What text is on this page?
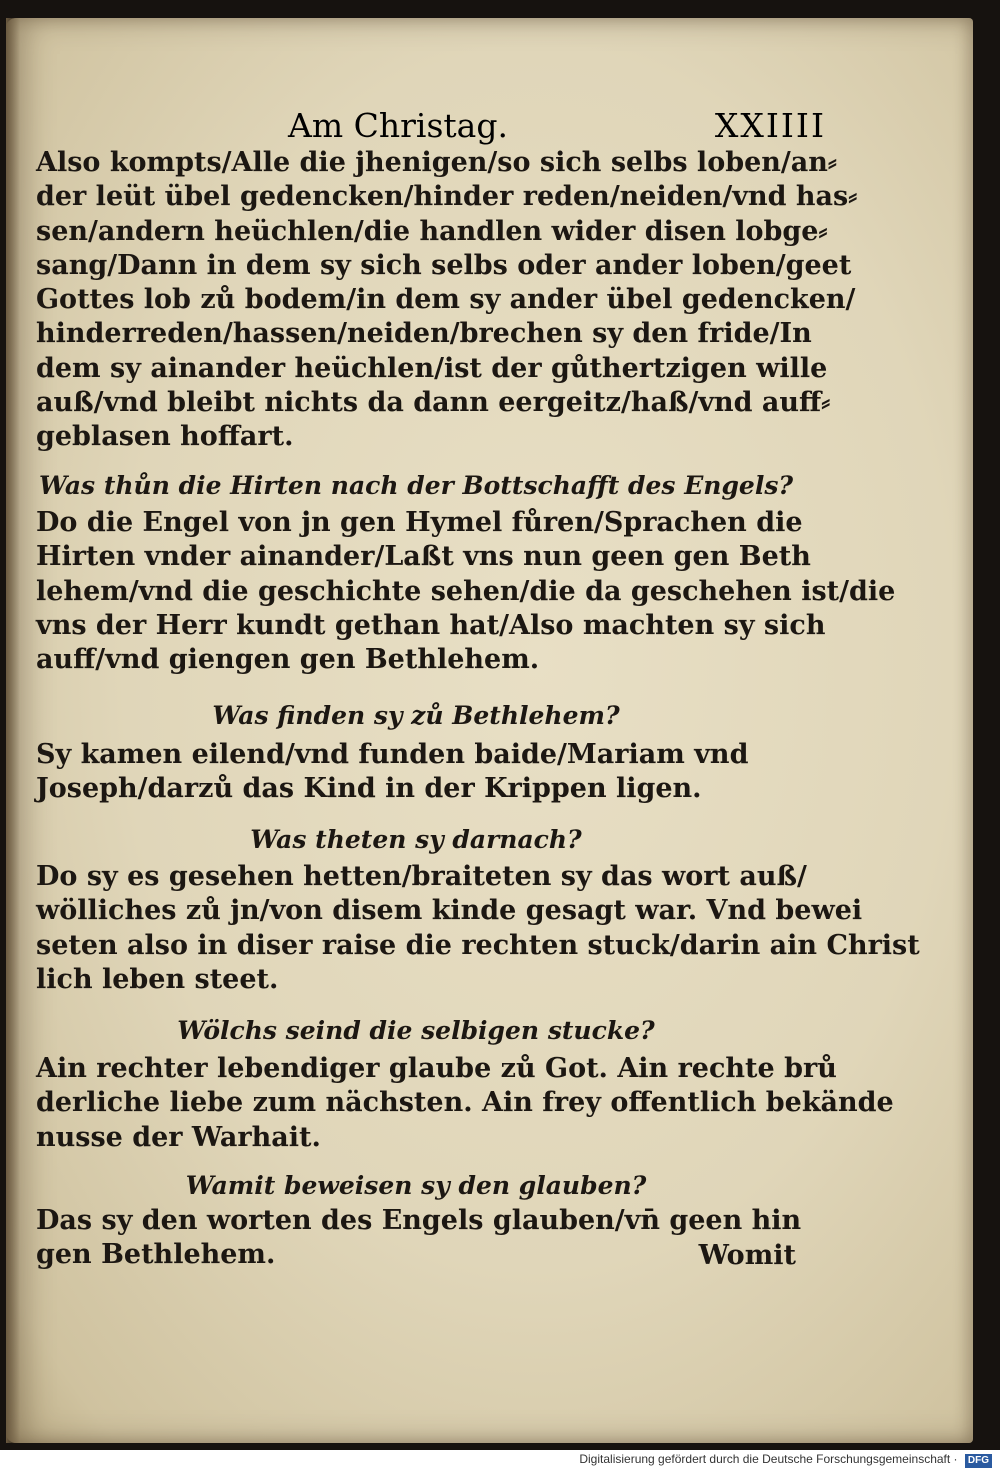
Am Christag.	XXIIII
Also kompts/Alle die jhenigen/so sich selbs loben/an⸗
der leüt übel gedencken/hinder reden/neiden/vnd has⸗
sen/andern heüchlen/die handlen wider disen lobge⸗
sang/Dann in dem sy sich selbs oder ander loben/geet
Gottes lob zů bodem/in dem sy ander übel gedencken/
hinderreden/hassen/neiden/brechen sy den fride/In
dem sy ainander heüchlen/ist der gůthertzigen wille
auß/vnd bleibt nichts da dann eergeitz/haß/vnd auff⸗
geblasen hoffart.
Was thůn die Hirten nach der Bottschafft des Engels?
Do die Engel von jn gen Hymel fůren/Sprachen die
Hirten vnder ainander/Laßt vns nun geen gen Beth
lehem/vnd die geschichte sehen/die da geschehen ist/die
vns der Herr kundt gethan hat/Also machten sy sich
auff/vnd giengen gen Bethlehem.
Was finden sy zů Bethlehem?
Sy kamen eilend/vnd funden baide/Mariam vnd
Joseph/darzů das Kind in der Krippen ligen.
Was theten sy darnach?
Do sy es gesehen hetten/braiteten sy das wort auß/
wölliches zů jn/von disem kinde gesagt war. Vnd bewei
seten also in diser raise die rechten stuck/darin ain Christ
lich leben steet.
Wölchs seind die selbigen stucke?
Ain rechter lebendiger glaube zů Got. Ain rechte brů
derliche liebe zum nächsten. Ain frey offentlich bekände
nusse der Warhait.
Wamit beweisen sy den glauben?
Das sy den worten des Engels glauben/vn̄ geen hin
gen Bethlehem.	Womit
Digitalisierung gefördert durch die Deutsche Forschungsgemeinschaft · DFG
